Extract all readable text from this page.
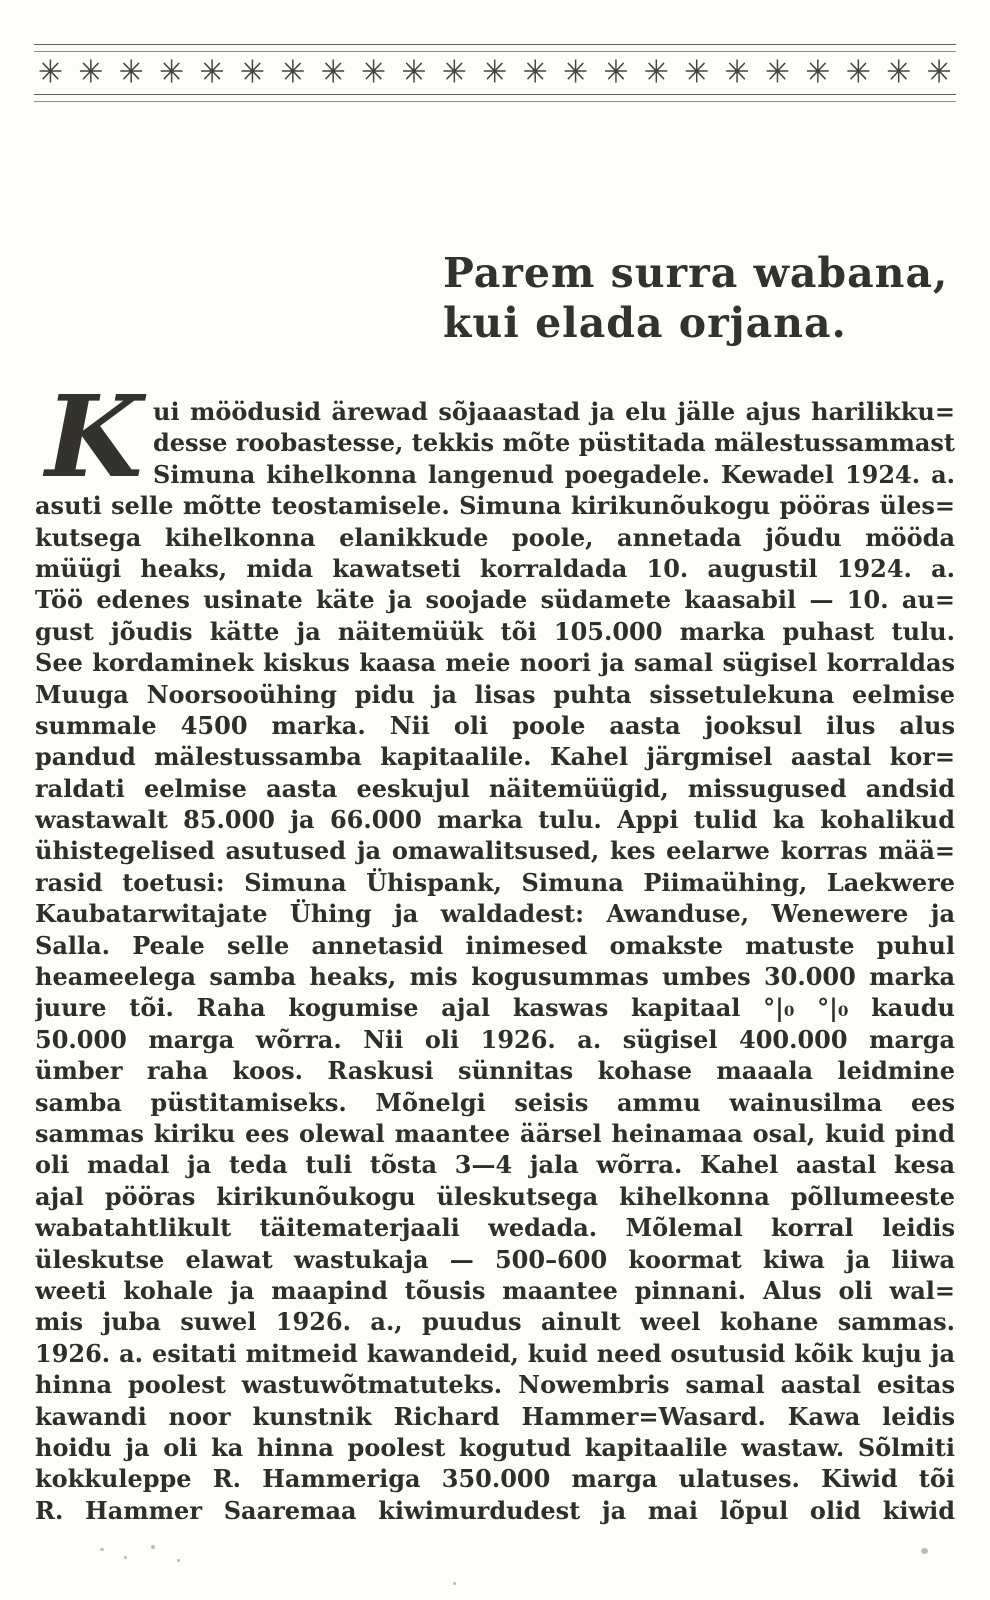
✳ ✳ ✳ ✳ ✳ ✳ ✳ ✳ ✳ ✳ ✳ ✳ ✳ ✳ ✳ ✳ ✳ ✳ ✳ ✳ ✳ ✳ ✳
Parem surra wabana,
kui elada orjana.
K ui möödusid ärewad sõjaaastad ja elu jälle ajus harilikku=
desse roobastesse, tekkis mõte püstitada mälestussammast
Simuna kihelkonna langenud poegadele. Kewadel 1924. a.
asuti selle mõtte teostamisele. Simuna kirikunõukogu pööras üles=
kutsega kihelkonna elanikkude poole, annetada jõudu mööda
müügi heaks, mida kawatseti korraldada 10. augustil 1924. a.
Töö edenes usinate käte ja soojade südamete kaasabil — 10. au=
gust jõudis kätte ja näitemüük tõi 105.000 marka puhast tulu.
See kordaminek kiskus kaasa meie noori ja samal sügisel korraldas
Muuga Noorsooühing pidu ja lisas puhta sissetulekuna eelmise
summale 4500 marka. Nii oli poole aasta jooksul ilus alus
pandud mälestussamba kapitaalile. Kahel järgmisel aastal kor=
raldati eelmise aasta eeskujul näitemüügid, missugused andsid
wastawalt 85.000 ja 66.000 marka tulu. Appi tulid ka kohalikud
ühistegelised asutused ja omawalitsused, kes eelarwe korras mää=
rasid toetusi: Simuna Ühispank, Simuna Piimaühing, Laekwere
Kaubatarwitajate Ühing ja waldadest: Awanduse, Wenewere ja
Salla. Peale selle annetasid inimesed omakste matuste puhul
heameelega samba heaks, mis kogusummas umbes 30.000 marka
juure tõi. Raha kogumise ajal kaswas kapitaal °|₀ °|₀ kaudu
50.000 marga wõrra. Nii oli 1926. a. sügisel 400.000 marga
ümber raha koos. Raskusi sünnitas kohase maaala leidmine
samba püstitamiseks. Mõnelgi seisis ammu wainusilma ees
sammas kiriku ees olewal maantee äärsel heinamaa osal, kuid pind
oli madal ja teda tuli tõsta 3—4 jala wõrra. Kahel aastal kesa
ajal pööras kirikunõukogu üleskutsega kihelkonna põllumeeste
wabatahtlikult täitematerjaali wedada. Mõlemal korral leidis
üleskutse elawat wastukaja — 500–600 koormat kiwa ja liiwa
weeti kohale ja maapind tõusis maantee pinnani. Alus oli wal=
mis juba suwel 1926. a., puudus ainult weel kohane sammas.
1926. a. esitati mitmeid kawandeid, kuid need osutusid kõik kuju ja
hinna poolest wastuwõtmatuteks. Nowembris samal aastal esitas
kawandi noor kunstnik Richard Hammer=Wasard. Kawa leidis
hoidu ja oli ka hinna poolest kogutud kapitaalile wastaw. Sõlmiti
kokkuleppe R. Hammeriga 350.000 marga ulatuses. Kiwid tõi
R. Hammer Saaremaa kiwimurdudest ja mai lõpul olid kiwid
